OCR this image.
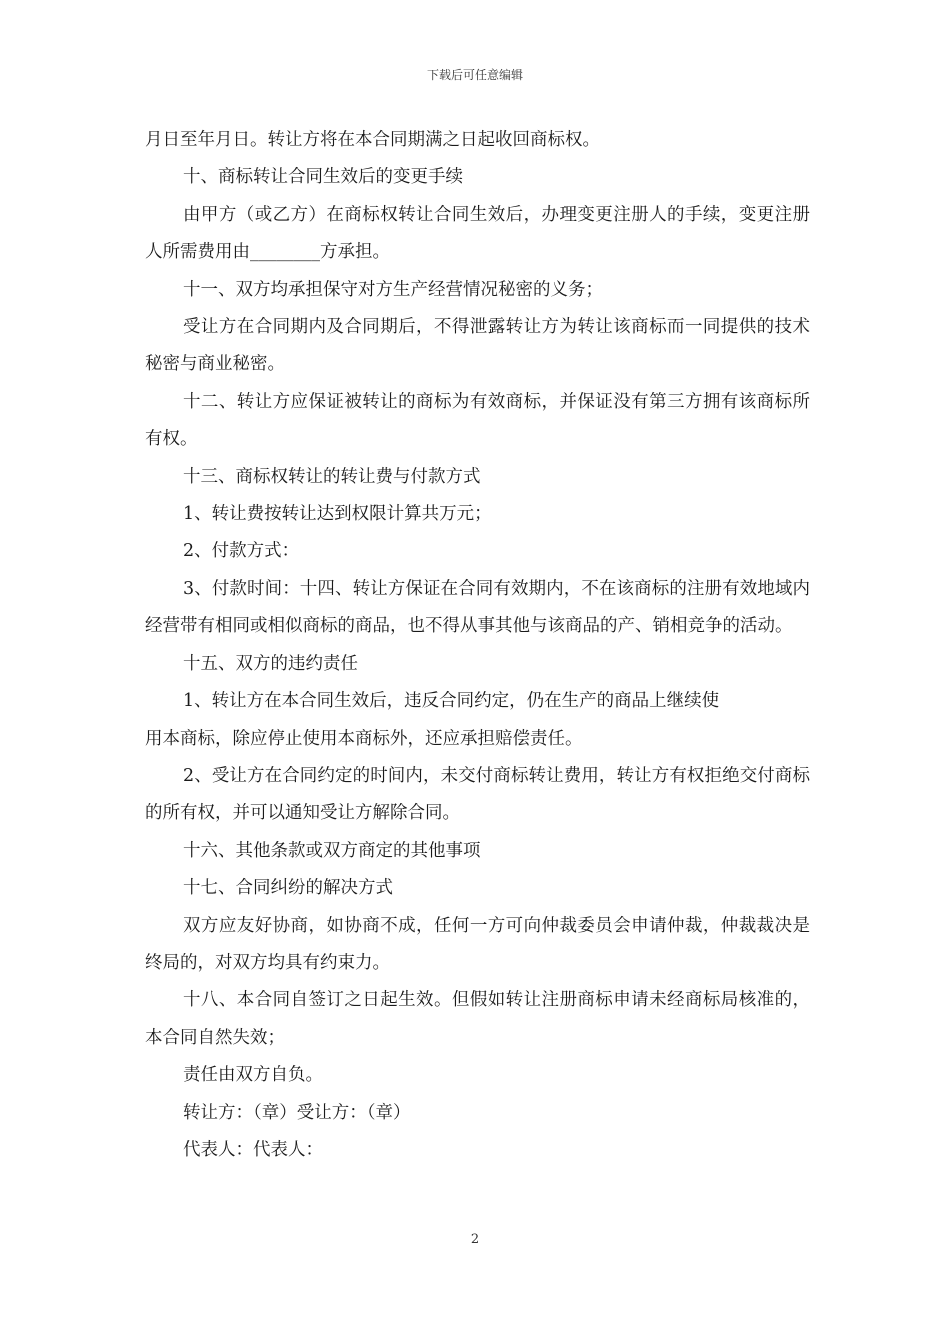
下载后可任意编辑

月日至年月日。转让方将在本合同期满之日起收回商标权。

十、商标转让合同生效后的变更手续

由甲方（或乙方）在商标权转让合同生效后，办理变更注册人的手续，变更注册人所需费用由________方承担。

十一、双方均承担保守对方生产经营情况秘密的义务；

受让方在合同期内及合同期后，不得泄露转让方为转让该商标而一同提供的技术秘密与商业秘密。

十二、转让方应保证被转让的商标为有效商标，并保证没有第三方拥有该商标所有权。

十三、商标权转让的转让费与付款方式

1、转让费按转让达到权限计算共万元；

2、付款方式：

3、付款时间：十四、转让方保证在合同有效期内，不在该商标的注册有效地域内经营带有相同或相似商标的商品，也不得从事其他与该商品的产、销相竞争的活动。

十五、双方的违约责任

1、转让方在本合同生效后，违反合同约定，仍在生产的商品上继续使

用本商标，除应停止使用本商标外，还应承担赔偿责任。

2、受让方在合同约定的时间内，未交付商标转让费用，转让方有权拒绝交付商标的所有权，并可以通知受让方解除合同。

十六、其他条款或双方商定的其他事项

十七、合同纠纷的解决方式

双方应友好协商，如协商不成，任何一方可向仲裁委员会申请仲裁，仲裁裁决是终局的，对双方均具有约束力。

十八、本合同自签订之日起生效。但假如转让注册商标申请未经商标局核准的，本合同自然失效；

责任由双方自负。

转让方：（章）受让方：（章）

代表人：代表人：

2
